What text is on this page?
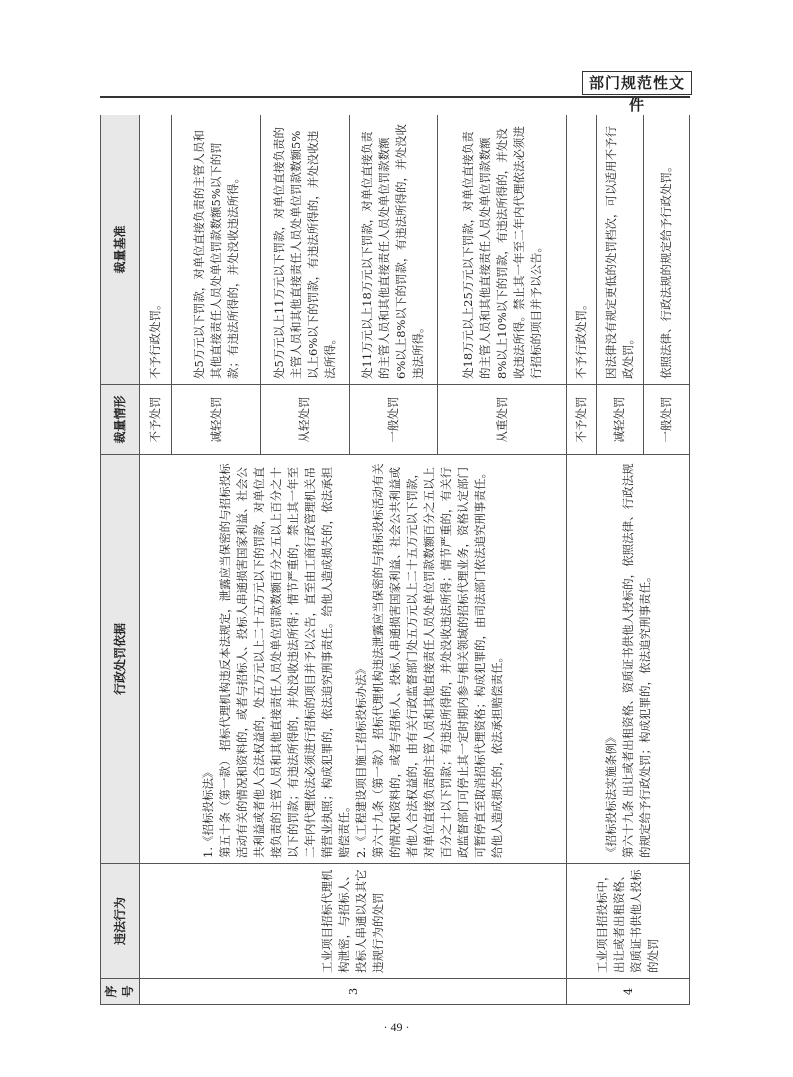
部门规范性文件
序号	违法行为	行政处罚依据	裁量情形	裁量基准
3	工业项目招标代理机构泄密，与招标人、投标人串通以及其它违规行为的处罚	1.《招标投标法》 第五十条（第一款） 招标代理机构违反本法规定，泄露应当保密的与招标投标活动有关的情况和资料的，或者与招标人、投标人串通损害国家利益、社会公共利益或者他人合法权益的，处五万元以上二十五万元以下的罚款，对单位直接负责的主管人员和其他直接责任人员处单位罚款数额百分之五以上百分之十以下的罚款；有违法所得的，并处没收违法所得；情节严重的，禁止其一年至二年内代理依法必须进行招标的项目并予以公告，直至由工商行政管理机关吊销营业执照；构成犯罪的，依法追究刑事责任。给他人造成损失的，依法承担赔偿责任。 2.《工程建设项目施工招标投标办法》 第六十九条（第一款） 招标代理机构违法泄露应当保密的与招标投标活动有关的情况和资料的，或者与招标人、投标人串通损害国家利益、社会公共利益或者他人合法权益的，由有关行政监督部门处五万元以上二十五万元以下罚款，对单位直接负责的主管人员和其他直接责任人员处单位罚款数额百分之五以上百分之十以下罚款；有违法所得的，并处没收违法所得；情节严重的，有关行政监督部门可停止其一定时期内参与相关领域的招标代理业务，资格认定部门可暂停直至取消招标代理资格；构成犯罪的，由司法部门依法追究刑事责任。给他人造成损失的，依法承担赔偿责任。	不予处罚	不予行政处罚。
			减轻处罚	处5万元以下罚款，对单位直接负责的主管人员和其他直接责任人员处单位罚款数额5%以下的罚款；有违法所得的，并处没收违法所得。
			从轻处罚	处5万元以上11万元以下罚款，对单位直接负责的主管人员和其他直接责任人员处单位罚款数额5%以上6%以下的罚款，有违法所得的，并处没收违法所得。
			一般处罚	处11万元以上18万元以下罚款，对单位直接负责的主管人员和其他直接责任人员处单位罚款数额6%以上8%以下的罚款，有违法所得的，并处没收违法所得。
			从重处罚	处18万元以上25万元以下罚款，对单位直接负责的主管人员和其他直接责任人员处单位罚款数额8%以上10%以下的罚款，有违法所得的，并处没收违法所得。禁止其一年至二年内代理依法必须进行招标的项目并予以公告。
4	工业项目招投标中，出让或者出租资格、资质证书供他人投标的处罚	《招标投标法实施条例》 第六十九条 出让或者出租资格、资质证书供他人投标的，依照法律、行政法规的规定给予行政处罚；构成犯罪的，依法追究刑事责任。	不予处罚	不予行政处罚。
			减轻处罚	因法律没有规定更低的处罚档次，可以适用不予行政处罚。
			一般处罚	依照法律、行政法规的规定给予行政处罚。
· 49 ·
